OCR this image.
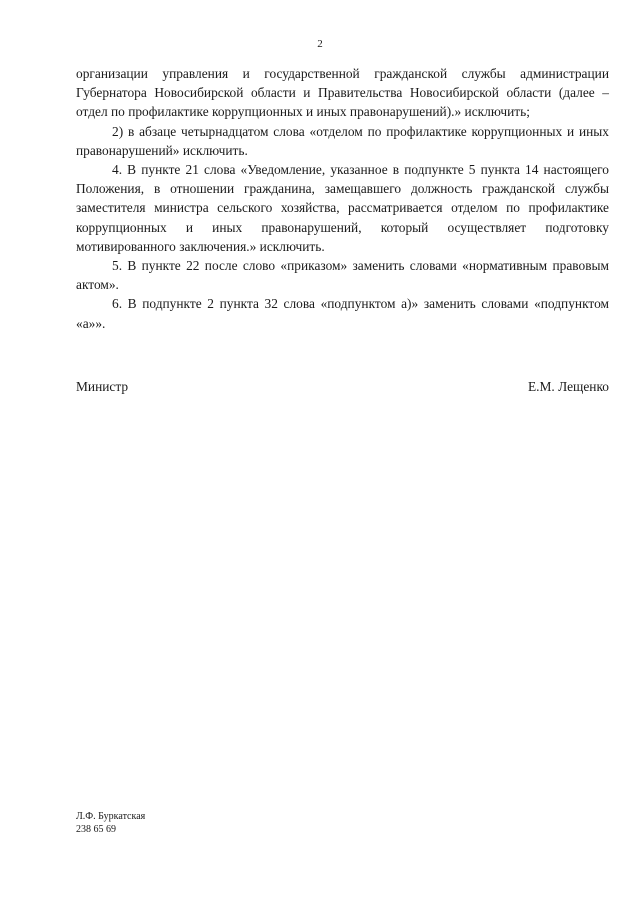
2

организации управления и государственной гражданской службы администрации Губернатора Новосибирской области и Правительства Новосибирской области (далее – отдел по профилактике коррупционных и иных правонарушений).» исключить;

2) в абзаце четырнадцатом слова «отделом по профилактике коррупционных и иных правонарушений» исключить.

4. В пункте 21 слова «Уведомление, указанное в подпункте 5 пункта 14 настоящего Положения, в отношении гражданина, замещавшего должность гражданской службы заместителя министра сельского хозяйства, рассматривается отделом по профилактике коррупционных и иных правонарушений, который осуществляет подготовку мотивированного заключения.» исключить.

5. В пункте 22 после слово «приказом» заменить словами «нормативным правовым актом».

6. В подпункте 2 пункта 32 слова «подпунктом а)» заменить словами «подпунктом «а»».

Министр	Е.М. Лещенко
Л.Ф. Буркатская
238 65 69
